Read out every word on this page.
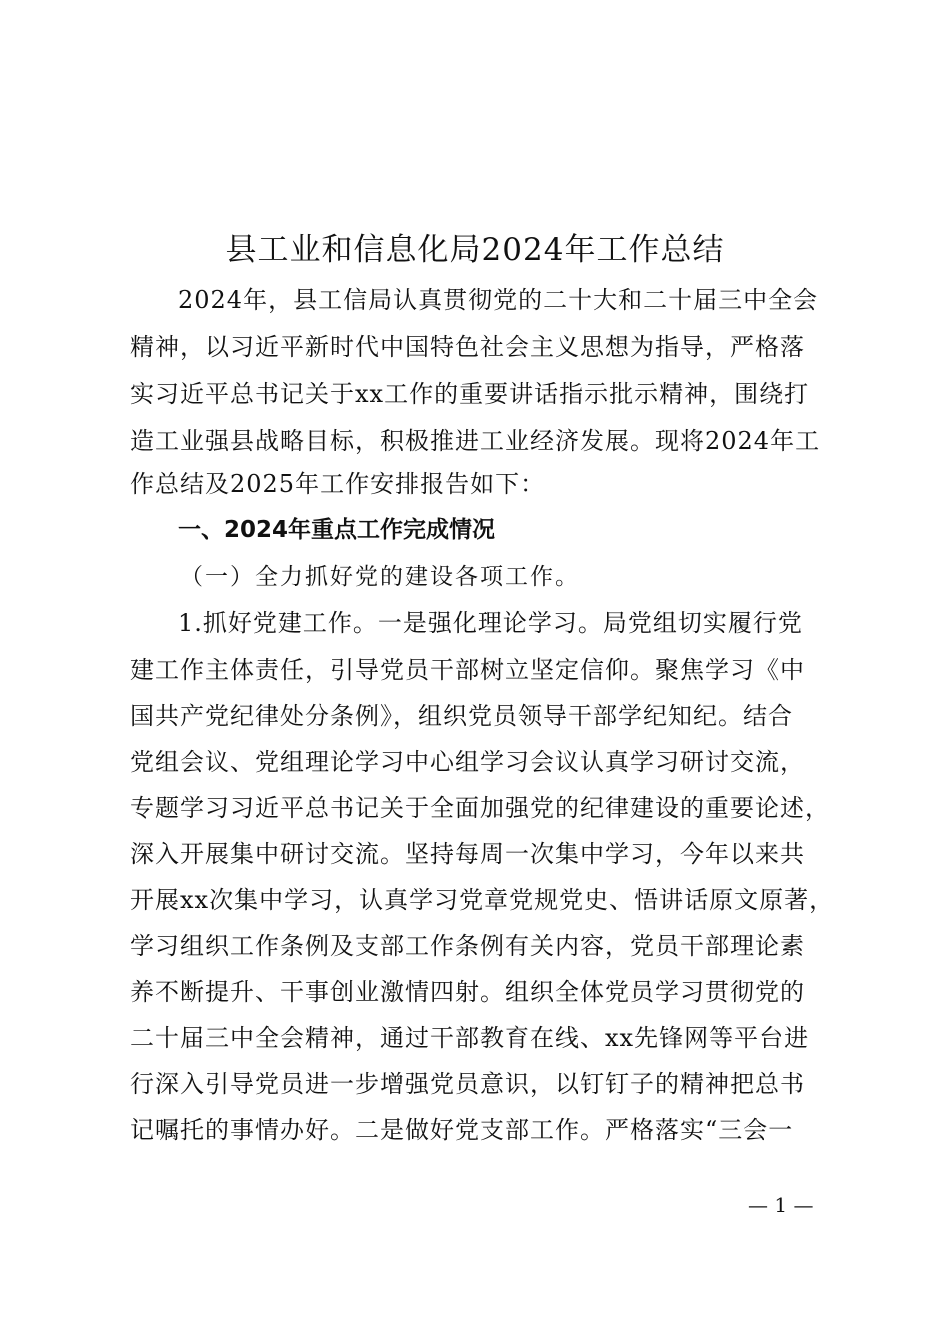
县工业和信息化局2024年工作总结
2024年，县工信局认真贯彻党的二十大和二十届三中全会
精神，以习近平新时代中国特色社会主义思想为指导，严格落
实习近平总书记关于xx工作的重要讲话指示批示精神，围绕打
造工业强县战略目标，积极推进工业经济发展。现将2024年工
作总结及2025年工作安排报告如下：
一、2024年重点工作完成情况
（一）全力抓好党的建设各项工作。
1.抓好党建工作。一是强化理论学习。局党组切实履行党
建工作主体责任，引导党员干部树立坚定信仰。聚焦学习《中
国共产党纪律处分条例》，组织党员领导干部学纪知纪。结合
党组会议、党组理论学习中心组学习会议认真学习研讨交流，
专题学习习近平总书记关于全面加强党的纪律建设的重要论述，
深入开展集中研讨交流。坚持每周一次集中学习，今年以来共
开展xx次集中学习，认真学习党章党规党史、悟讲话原文原著，
学习组织工作条例及支部工作条例有关内容，党员干部理论素
养不断提升、干事创业激情四射。组织全体党员学习贯彻党的
二十届三中全会精神，通过干部教育在线、xx先锋网等平台进
行深入引导党员进一步增强党员意识，以钉钉子的精神把总书
记嘱托的事情办好。二是做好党支部工作。严格落实“三会一
— 1 —
